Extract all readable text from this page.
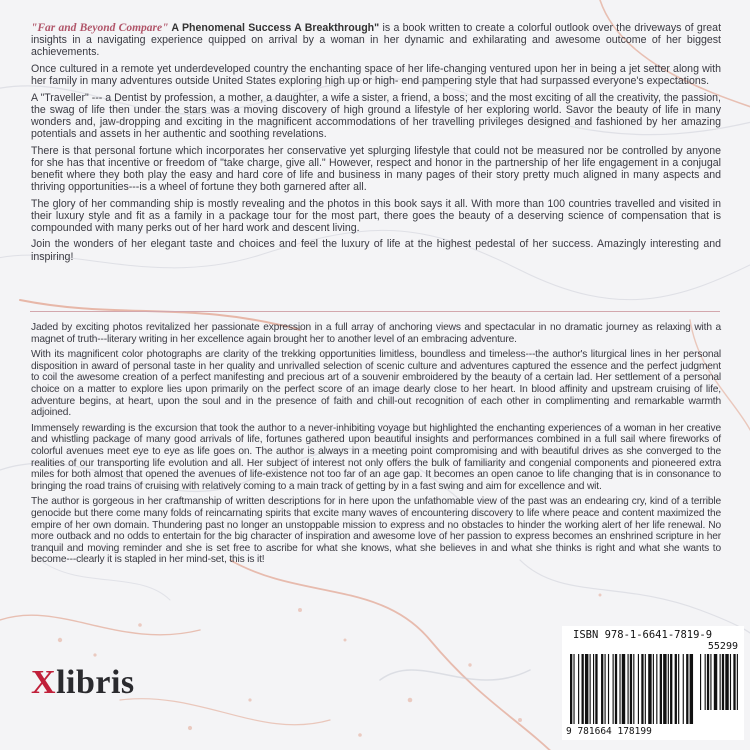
"Far and Beyond Compare" A Phenomenal Success A Breakthrough" is a book written to create a colorful outlook over the driveways of great insights in a navigating experience quipped on arrival by a woman in her dynamic and exhilarating and awesome outcome of her biggest achievements.

Once cultured in a remote yet underdeveloped country the enchanting space of her life-changing ventured upon her in being a jet setter along with her family in many adventures outside United States exploring high up or high- end pampering style that had surpassed everyone's expectations.

A "Traveller" --- a Dentist by profession, a mother, a daughter, a wife a sister, a friend, a boss; and the most exciting of all the creativity, the passion, the swag of life then under the stars was a moving discovery of high ground a lifestyle of her exploring world. Savor the beauty of life in many wonders and, jaw-dropping and exciting in the magnificent accommodations of her travelling privileges designed and fashioned by her amazing potentials and assets in her authentic and soothing revelations.

There is that personal fortune which incorporates her conservative yet splurging lifestyle that could not be measured nor be controlled by anyone for she has that incentive or freedom of "take charge, give all." However, respect and honor in the partnership of her life engagement in a conjugal benefit where they both play the easy and hard core of life and business in many pages of their story pretty much aligned in many aspects and thriving opportunities---is a wheel of fortune they both garnered after all.

The glory of her commanding ship is mostly revealing and the photos in this book says it all. With more than 100 countries travelled and visited in their luxury style and fit as a family in a package tour for the most part, there goes the beauty of a deserving science of compensation that is compounded with many perks out of her hard work and descent living.

Join the wonders of her elegant taste and choices and feel the luxury of life at the highest pedestal of her success. Amazingly interesting and inspiring!

Jaded by exciting photos revitalized her passionate expression in a full array of anchoring views and spectacular in no dramatic journey as relaxing with a magnet of truth---literary writing in her excellence again brought her to another level of an embracing adventure.

With its magnificent color photographs are clarity of the trekking opportunities limitless, boundless and timeless---the author's liturgical lines in her personal disposition in award of personal taste in her quality and unrivalled selection of scenic culture and adventures captured the essence and the perfect judgment to coil the awesome creation of a perfect manifesting and precious art of a souvenir embroidered by the beauty of a certain lad. Her settlement of a personal choice on a matter to explore lies upon primarily on the perfect score of an image dearly close to her heart. In blood affinity and upstream cruising of life, adventure begins, at heart, upon the soul and in the presence of faith and chill-out recognition of each other in complimenting and remarkable warmth adjoined.

Immensely rewarding is the excursion that took the author to a never-inhibiting voyage but highlighted the enchanting experiences of a woman in her creative and whistling package of many good arrivals of life, fortunes gathered upon beautiful insights and performances combined in a full sail where fireworks of colorful avenues meet eye to eye as life goes on. The author is always in a meeting point compromising and with beautiful drives as she converged to the realities of our transporting life evolution and all. Her subject of interest not only offers the bulk of familiarity and congenial components and pioneered extra miles for both almost that opened the avenues of life-existence not too far of an age gap. It becomes an open canoe to life changing that is in consonance to bringing the road trains of cruising with relatively coming to a main track of getting by in a fast swing and aim for excellence and wit.

The author is gorgeous in her craftmanship of written descriptions for in here upon the unfathomable view of the past was an endearing cry, kind of a terrible genocide but there come many folds of reincarnating spirits that excite many waves of encountering discovery to life where peace and content maximized the empire of her own domain. Thundering past no longer an unstoppable mission to express and no obstacles to hinder the working alert of her life renewal. No more outback and no odds to entertain for the big character of inspiration and awesome love of her passion to express becomes an enshrined scripture in her tranquil and moving reminder and she is set free to ascribe for what she knows, what she believes in and what she thinks is right and what she wants to become---clearly it is stapled in her mind-set, this is it!

Xlibris
ISBN 978-1-6641-7819-9
55299
9 781664 178199
